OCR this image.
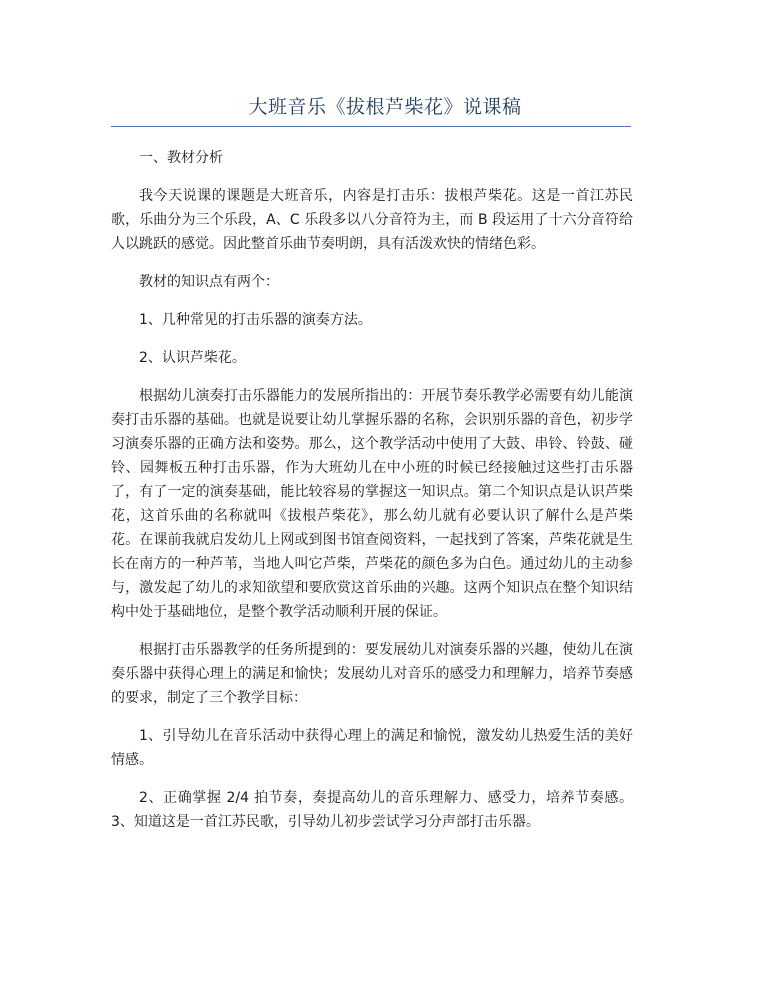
大班音乐《拔根芦柴花》说课稿

一、教材分析

我今天说课的课题是大班音乐，内容是打击乐：拔根芦柴花。这是一首江苏民歌，乐曲分为三个乐段，A、C 乐段多以八分音符为主，而 B 段运用了十六分音符给人以跳跃的感觉。因此整首乐曲节奏明朗，具有活泼欢快的情绪色彩。

教材的知识点有两个：

1、几种常见的打击乐器的演奏方法。

2、认识芦柴花。

根据幼儿演奏打击乐器能力的发展所指出的：开展节奏乐教学必需要有幼儿能演奏打击乐器的基础。也就是说要让幼儿掌握乐器的名称，会识别乐器的音色，初步学习演奏乐器的正确方法和姿势。那么，这个教学活动中使用了大鼓、串铃、铃鼓、碰铃、园舞板五种打击乐器，作为大班幼儿在中小班的时候已经接触过这些打击乐器了，有了一定的演奏基础，能比较容易的掌握这一知识点。第二个知识点是认识芦柴花，这首乐曲的名称就叫《拔根芦柴花》，那么幼儿就有必要认识了解什么是芦柴花。在课前我就启发幼儿上网或到图书馆查阅资料，一起找到了答案，芦柴花就是生长在南方的一种芦苇，当地人叫它芦柴，芦柴花的颜色多为白色。通过幼儿的主动参与，激发起了幼儿的求知欲望和要欣赏这首乐曲的兴趣。这两个知识点在整个知识结构中处于基础地位，是整个教学活动顺利开展的保证。

根据打击乐器教学的任务所提到的：要发展幼儿对演奏乐器的兴趣，使幼儿在演奏乐器中获得心理上的满足和愉快；发展幼儿对音乐的感受力和理解力，培养节奏感的要求，制定了三个教学目标：

1、引导幼儿在音乐活动中获得心理上的满足和愉悦，激发幼儿热爱生活的美好情感。

2、正确掌握 2/4 拍节奏，奏提高幼儿的音乐理解力、感受力，培养节奏感。3、知道这是一首江苏民歌，引导幼儿初步尝试学习分声部打击乐器。
